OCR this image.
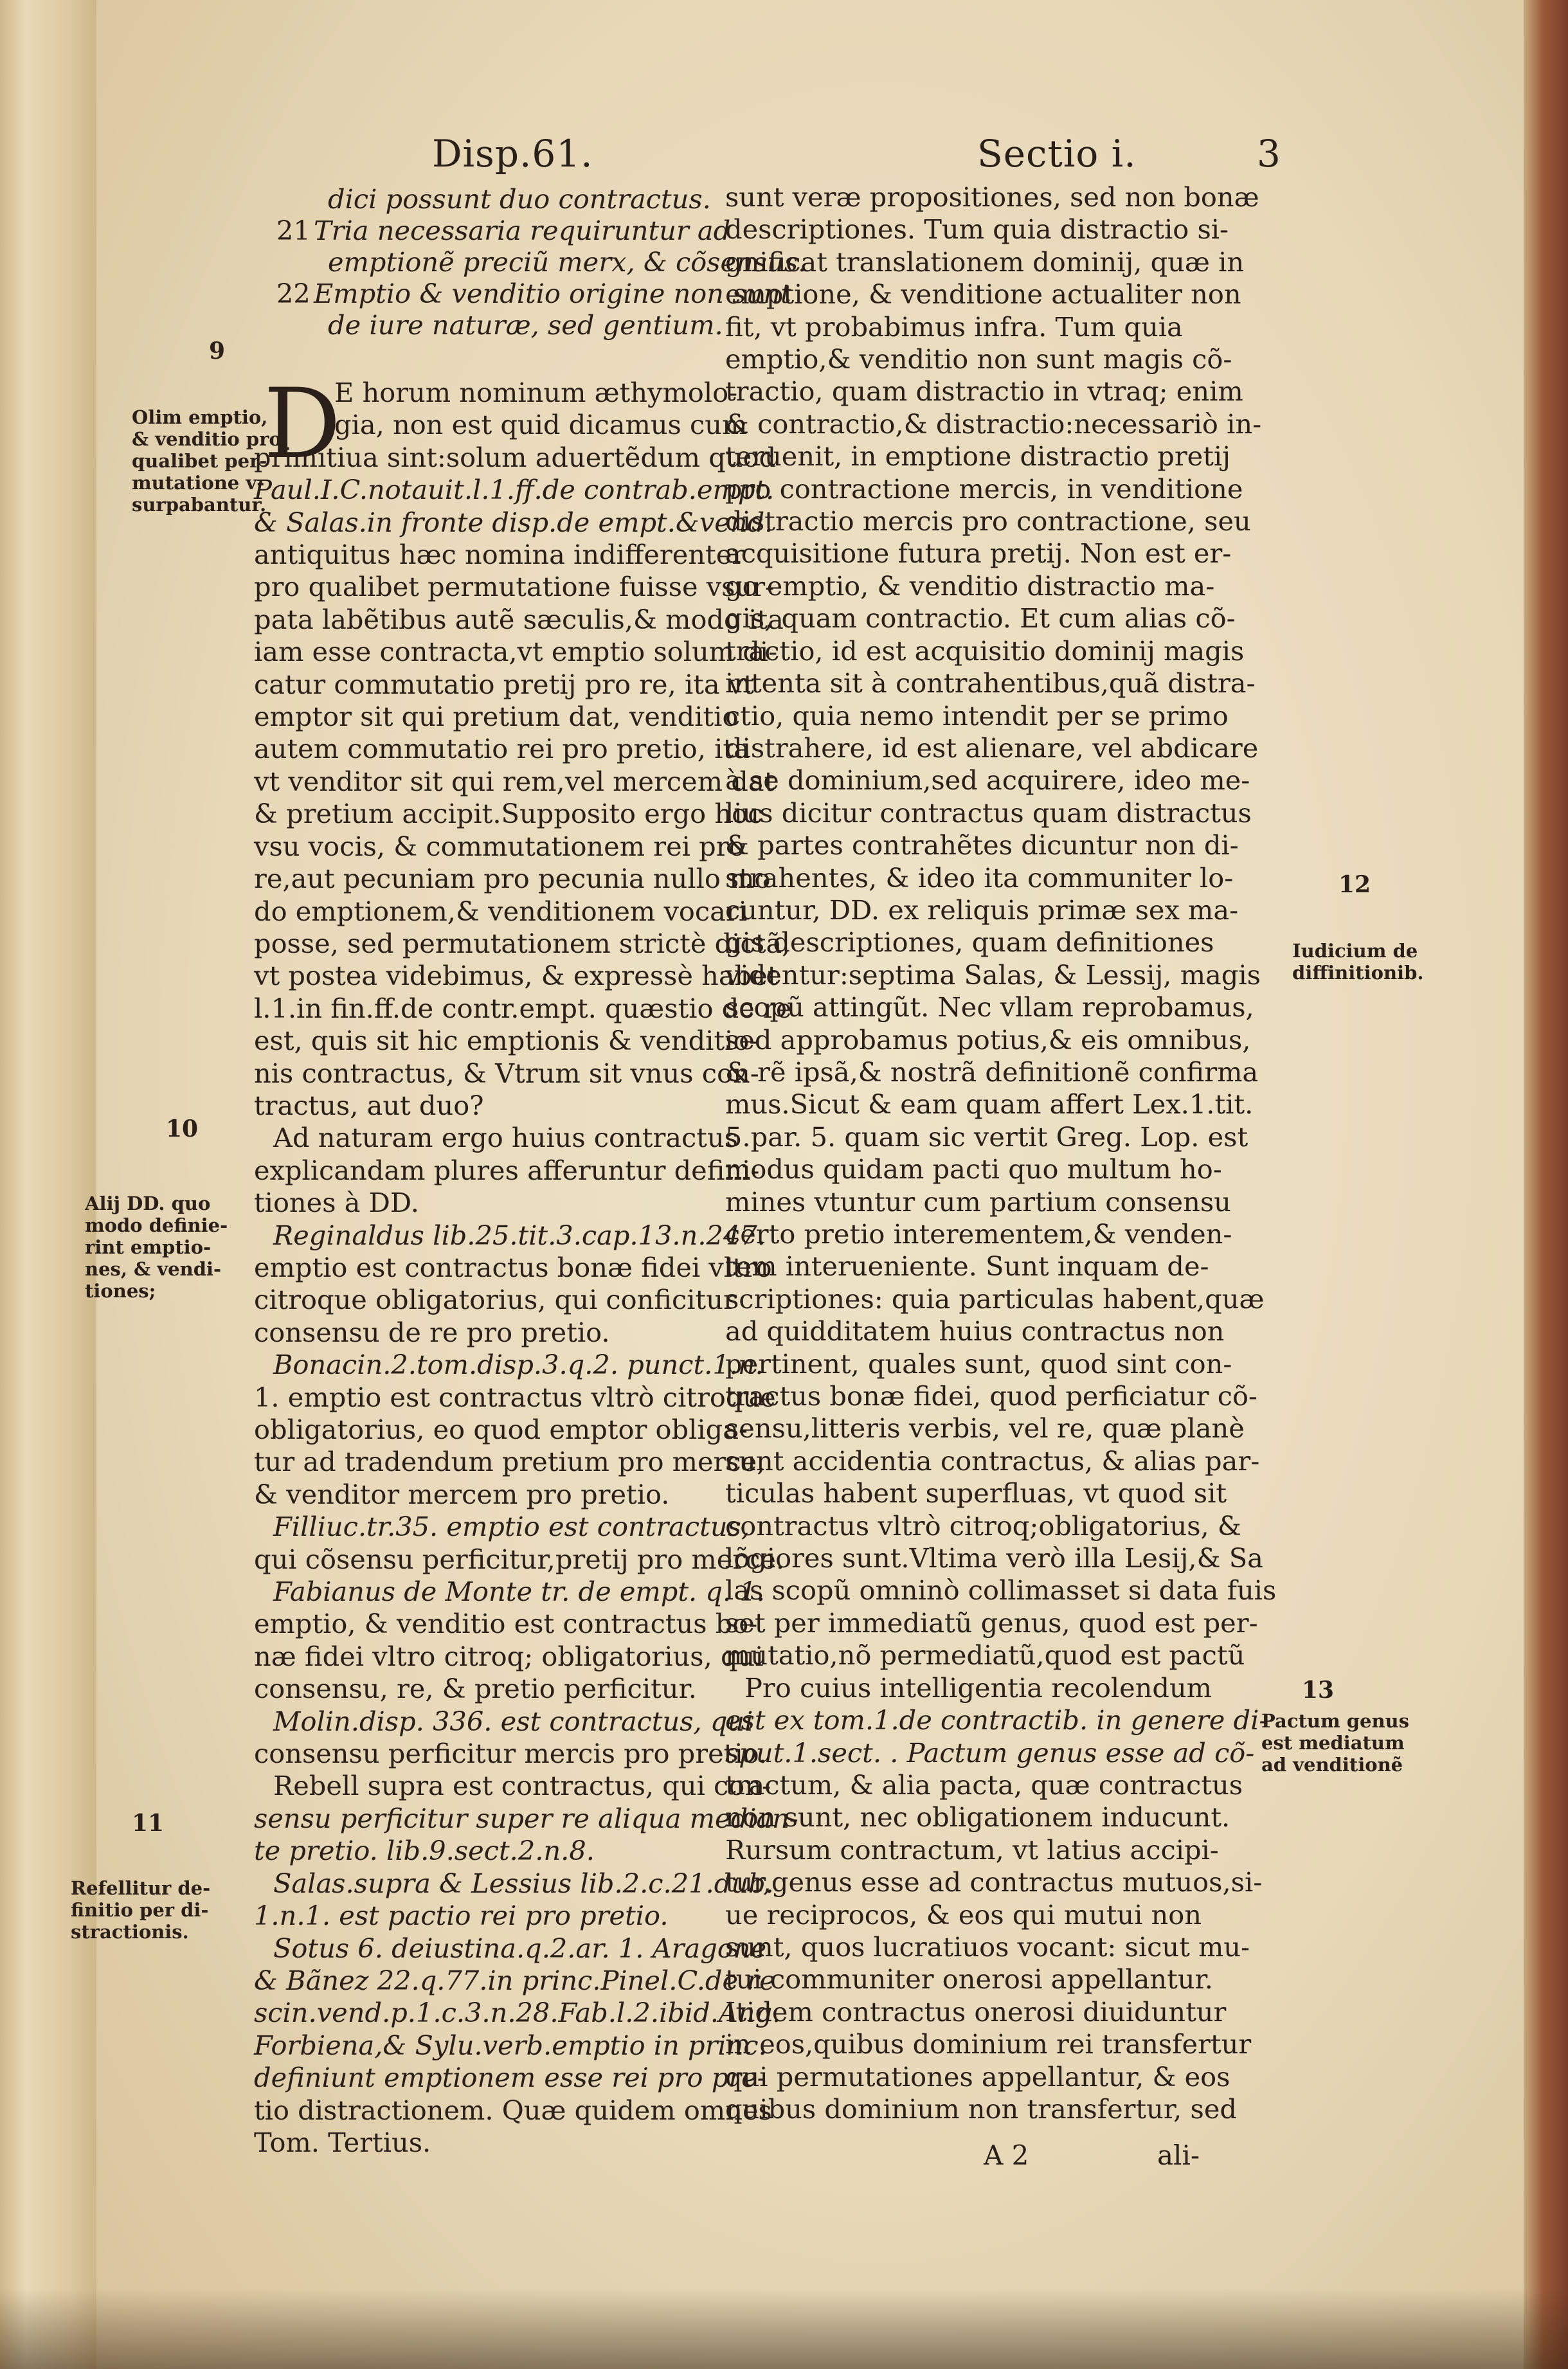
Disp.61.	Sectio i.	3
dici possunt duo contractus.
21 Tria necessaria requiruntur ad
emptionẽ preciũ merx, & cõsensus.
22 Emptio & venditio origine non sunt
de iure naturæ, sed gentium.
D
E horum nominum æthymolo-
gia, non est quid dicamus cum
primitiua sint:solum aduertẽdum quod
Paul.I.C.notauit.l.1.ff.de contrab.empt.
& Salas.in fronte disp.de empt.&vend.
antiquitus hæc nomina indifferenter
pro qualibet permutatione fuisse vsur-
pata labẽtibus autẽ sæculis,& modo ita
iam esse contracta,vt emptio solum di-
catur commutatio pretij pro re, ita vt
emptor sit qui pretium dat, venditio
autem commutatio rei pro pretio, ita
vt venditor sit qui rem,vel mercem dat
& pretium accipit.Supposito ergo hoc
vsu vocis, & commutationem rei pro
re,aut pecuniam pro pecunia nullo mo
do emptionem,& venditionem vocari
posse, sed permutationem strictè dictã,
vt postea videbimus, & expressè habet
l.1.in fin.ff.de contr.empt. quæstio de re
est, quis sit hic emptionis & venditio-
nis contractus, & Vtrum sit vnus con-
tractus, aut duo?
Ad naturam ergo huius contractus
explicandam plures afferuntur defini-
tiones à DD.
Reginaldus lib.25.tit.3.cap.13.n.247.
emptio est contractus bonæ fidei vltro
citroque obligatorius, qui conficitur
consensu de re pro pretio.
Bonacin.2.tom.disp.3.q.2. punct.1.n.
1. emptio est contractus vltrò citroque
obligatorius, eo quod emptor obliga-
tur ad tradendum pretium pro merce,
& venditor mercem pro pretio.
Filliuc.tr.35. emptio est contractus,
qui cõsensu perficitur,pretij pro merce.
Fabianus de Monte tr. de empt. q. 1.
emptio, & venditio est contractus bo-
næ fidei vltro citroq; obligatorius, qui
consensu, re, & pretio perficitur.
Molin.disp. 336. est contractus, qui
consensu perficitur mercis pro pretio.
Rebell supra est contractus, qui con-
sensu perficitur super re aliqua median-
te pretio. lib.9.sect.2.n.8.
Salas.supra & Lessius lib.2.c.21.dub.
1.n.1. est pactio rei pro pretio.
Sotus 6. deiustina.q.2.ar. 1. Aragone
& Bãnez 22.q.77.in princ.Pinel.C.de re
scin.vend.p.1.c.3.n.28.Fab.l.2.ibid.Ang.
Forbiena,& Sylu.verb.emptio in princ.
definiunt emptionem esse rei pro pre-
tio distractionem. Quæ quidem omnes
Tom. Tertius.
sunt veræ propositiones, sed non bonæ
descriptiones. Tum quia distractio si-
gnificat translationem dominij, quæ in
emptione, & venditione actualiter non
fit, vt probabimus infra. Tum quia
emptio,& venditio non sunt magis cõ-
tractio, quam distractio in vtraq; enim
& contractio,& distractio:necessariò in-
teruenit, in emptione distractio pretij
pro contractione mercis, in venditione
distractio mercis pro contractione, seu
acquisitione futura pretij. Non est er-
go emptio, & venditio distractio ma-
gis, quam contractio. Et cum alias cõ-
tractio, id est acquisitio dominij magis
intenta sit à contrahentibus,quã distra-
ctio, quia nemo intendit per se primo
distrahere, id est alienare, vel abdicare
à se dominium,sed acquirere, ideo me-
lius dicitur contractus quam distractus
& partes contrahẽtes dicuntur non di-
strahentes, & ideo ita communiter lo-
cuntur, DD. ex reliquis primæ sex ma-
gis descriptiones, quam definitiones
videntur:septima Salas, & Lessij, magis
scopũ attingũt. Nec vllam reprobamus,
sed approbamus potius,& eis omnibus,
& rẽ ipsã,& nostrã definitionẽ confirma
mus.Sicut & eam quam affert Lex.1.tit.
5.par. 5. quam sic vertit Greg. Lop. est
modus quidam pacti quo multum ho-
mines vtuntur cum partium consensu
certo pretio interementem,& venden-
tem interueniente. Sunt inquam de-
scriptiones: quia particulas habent,quæ
ad quidditatem huius contractus non
pertinent, quales sunt, quod sint con-
tractus bonæ fidei, quod perficiatur cõ-
sensu,litteris verbis, vel re, quæ planè
sunt accidentia contractus, & alias par-
ticulas habent superfluas, vt quod sit
contractus vltrò citroq;obligatorius, &
lõgiores sunt.Vltima verò illa Lesij,& Sa
las scopũ omninò collimasset si data fuis
set per immediatũ genus, quod est per-
mutatio,nõ permediatũ,quod est pactũ
Pro cuius intelligentia recolendum
est ex tom.1.de contractib. in genere di-
sput.1.sect. . Pactum genus esse ad cõ-
tractum, & alia pacta, quæ contractus
non sunt, nec obligationem inducunt.
Rursum contractum, vt latius accipi-
tur,genus esse ad contractus mutuos,si-
ue reciprocos, & eos qui mutui non
sunt, quos lucratiuos vocant: sicut mu-
tui communiter onerosi appellantur.
Itidem contractus onerosi diuiduntur
in eos,quibus dominium rei transfertur
qui permutationes appellantur, & eos
quibus dominium non transfertur, sed
A 2	ali-
9
10
11
12
13
Olim emptio,
& venditio pro
qualibet per-
mutatione v-
surpabantur.
Alij DD. quo
modo definie-
rint emptio-
nes, & vendi-
tiones;
Refellitur de-
finitio per di-
stractionis.
Iudicium de
diffinitionib.
Pactum genus
est mediatum
ad venditionẽ
